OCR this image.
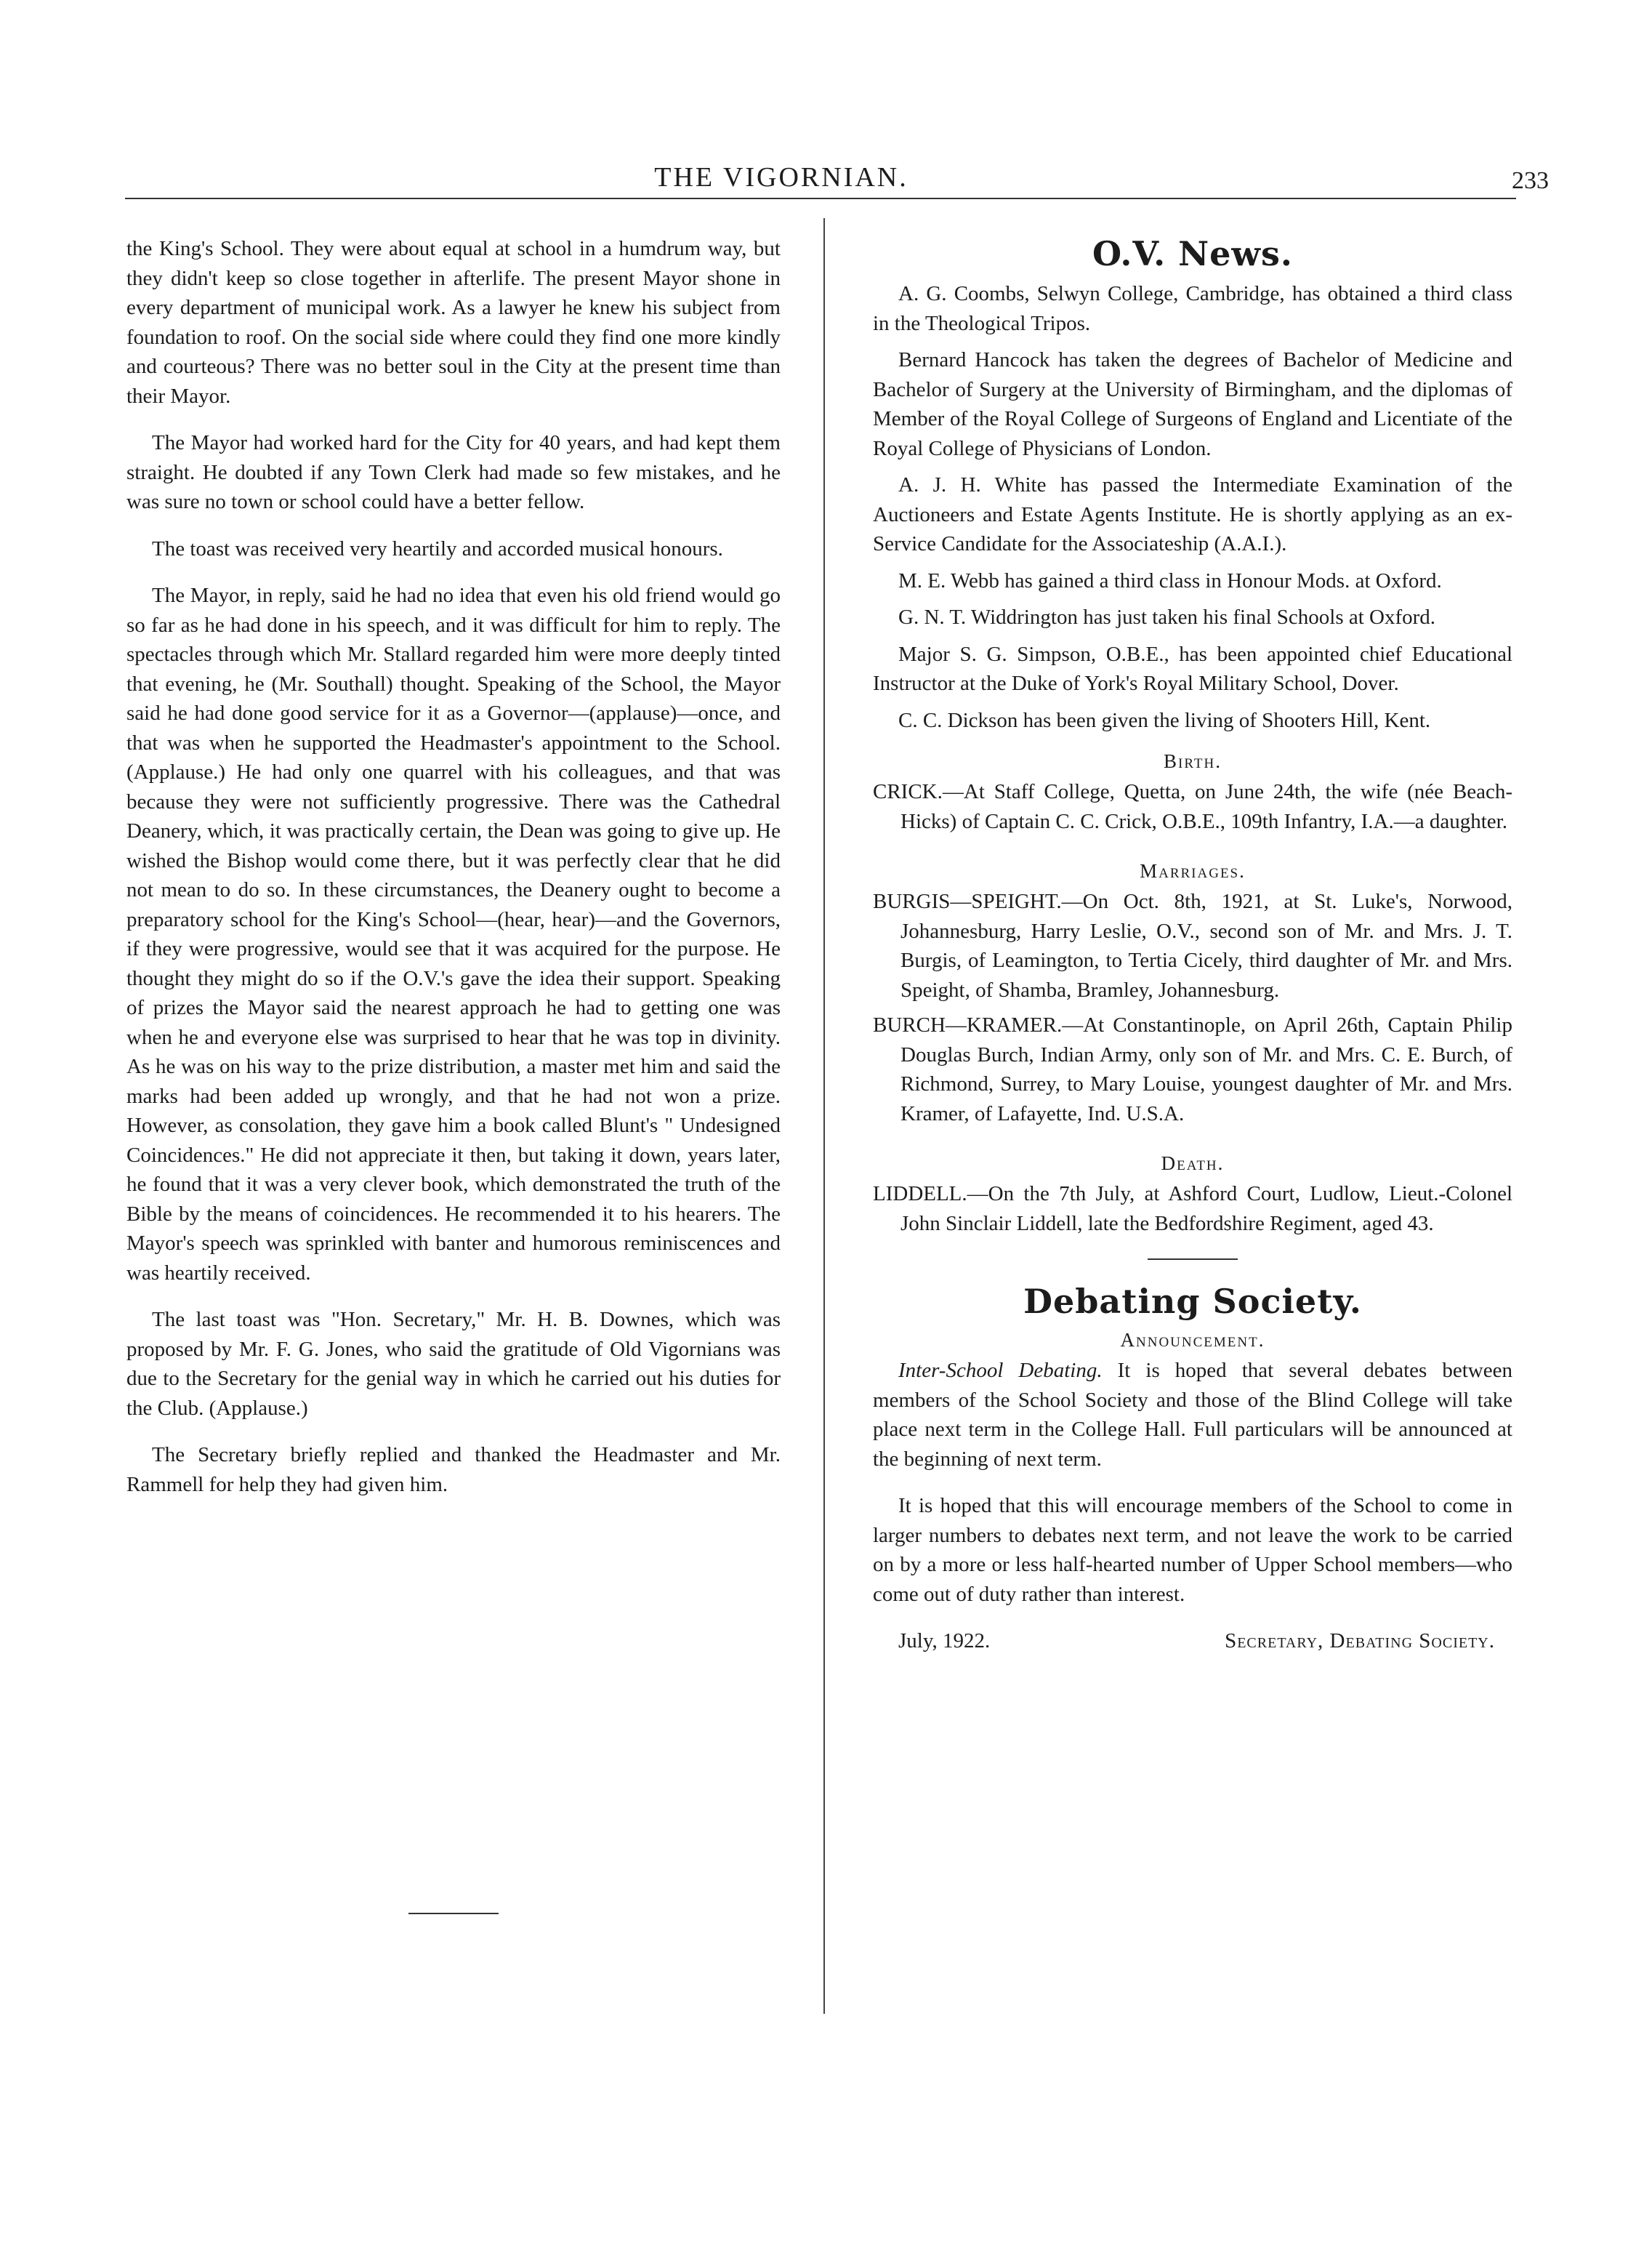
THE VIGORNIAN.	233

the King's School. They were about equal at school in a humdrum way, but they didn't keep so close together in afterlife. The present Mayor shone in every department of municipal work. As a lawyer he knew his subject from foundation to roof. On the social side where could they find one more kindly and courteous? There was no better soul in the City at the present time than their Mayor.

The Mayor had worked hard for the City for 40 years, and had kept them straight. He doubted if any Town Clerk had made so few mistakes, and he was sure no town or school could have a better fellow.

The toast was received very heartily and accorded musical honours.

The Mayor, in reply, said he had no idea that even his old friend would go so far as he had done in his speech, and it was difficult for him to reply. The spectacles through which Mr. Stallard regarded him were more deeply tinted that evening, he (Mr. Southall) thought. Speaking of the School, the Mayor said he had done good service for it as a Governor—(applause)—once, and that was when he supported the Headmaster's appointment to the School. (Applause.) He had only one quarrel with his colleagues, and that was because they were not sufficiently progressive. There was the Cathedral Deanery, which, it was practically certain, the Dean was going to give up. He wished the Bishop would come there, but it was perfectly clear that he did not mean to do so. In these circumstances, the Deanery ought to become a preparatory school for the King's School—(hear, hear)—and the Governors, if they were progressive, would see that it was acquired for the purpose. He thought they might do so if the O.V.'s gave the idea their support. Speaking of prizes the Mayor said the nearest approach he had to getting one was when he and everyone else was surprised to hear that he was top in divinity. As he was on his way to the prize distribution, a master met him and said the marks had been added up wrongly, and that he had not won a prize. However, as consolation, they gave him a book called Blunt's " Undesigned Coincidences." He did not appreciate it then, but taking it down, years later, he found that it was a very clever book, which demonstrated the truth of the Bible by the means of coincidences. He recommended it to his hearers. The Mayor's speech was sprinkled with banter and humorous reminiscences and was heartily received.

The last toast was "Hon. Secretary," Mr. H. B. Downes, which was proposed by Mr. F. G. Jones, who said the gratitude of Old Vigornians was due to the Secretary for the genial way in which he carried out his duties for the Club. (Applause.)

The Secretary briefly replied and thanked the Headmaster and Mr. Rammell for help they had given him.

O.V. News.

A. G. Coombs, Selwyn College, Cambridge, has obtained a third class in the Theological Tripos.

Bernard Hancock has taken the degrees of Bachelor of Medicine and Bachelor of Surgery at the University of Birmingham, and the diplomas of Member of the Royal College of Surgeons of England and Licentiate of the Royal College of Physicians of London.

A. J. H. White has passed the Intermediate Examination of the Auctioneers and Estate Agents Institute. He is shortly applying as an ex-Service Candidate for the Associateship (A.A.I.).

M. E. Webb has gained a third class in Honour Mods. at Oxford.

G. N. T. Widdrington has just taken his final Schools at Oxford.

Major S. G. Simpson, O.B.E., has been appointed chief Educational Instructor at the Duke of York's Royal Military School, Dover.

C. C. Dickson has been given the living of Shooters Hill, Kent.

Birth.
CRICK.—At Staff College, Quetta, on June 24th, the wife (née Beach-Hicks) of Captain C. C. Crick, O.B.E., 109th Infantry, I.A.—a daughter.
Marriages.
BURGIS—SPEIGHT.—On Oct. 8th, 1921, at St. Luke's, Norwood, Johannesburg, Harry Leslie, O.V., second son of Mr. and Mrs. J. T. Burgis, of Leamington, to Tertia Cicely, third daughter of Mr. and Mrs. Speight, of Shamba, Bramley, Johannesburg.
BURCH—KRAMER.—At Constantinople, on April 26th, Captain Philip Douglas Burch, Indian Army, only son of Mr. and Mrs. C. E. Burch, of Richmond, Surrey, to Mary Louise, youngest daughter of Mr. and Mrs. Kramer, of Lafayette, Ind. U.S.A.
Death.
LIDDELL.—On the 7th July, at Ashford Court, Ludlow, Lieut.-Colonel John Sinclair Liddell, late the Bedfordshire Regiment, aged 43.
Debating Society.
Announcement.

Inter-School Debating. It is hoped that several debates between members of the School Society and those of the Blind College will take place next term in the College Hall. Full particulars will be announced at the beginning of next term.

It is hoped that this will encourage members of the School to come in larger numbers to debates next term, and not leave the work to be carried on by a more or less half-hearted number of Upper School members—who come out of duty rather than interest.

July, 1922.	Secretary, Debating Society.
